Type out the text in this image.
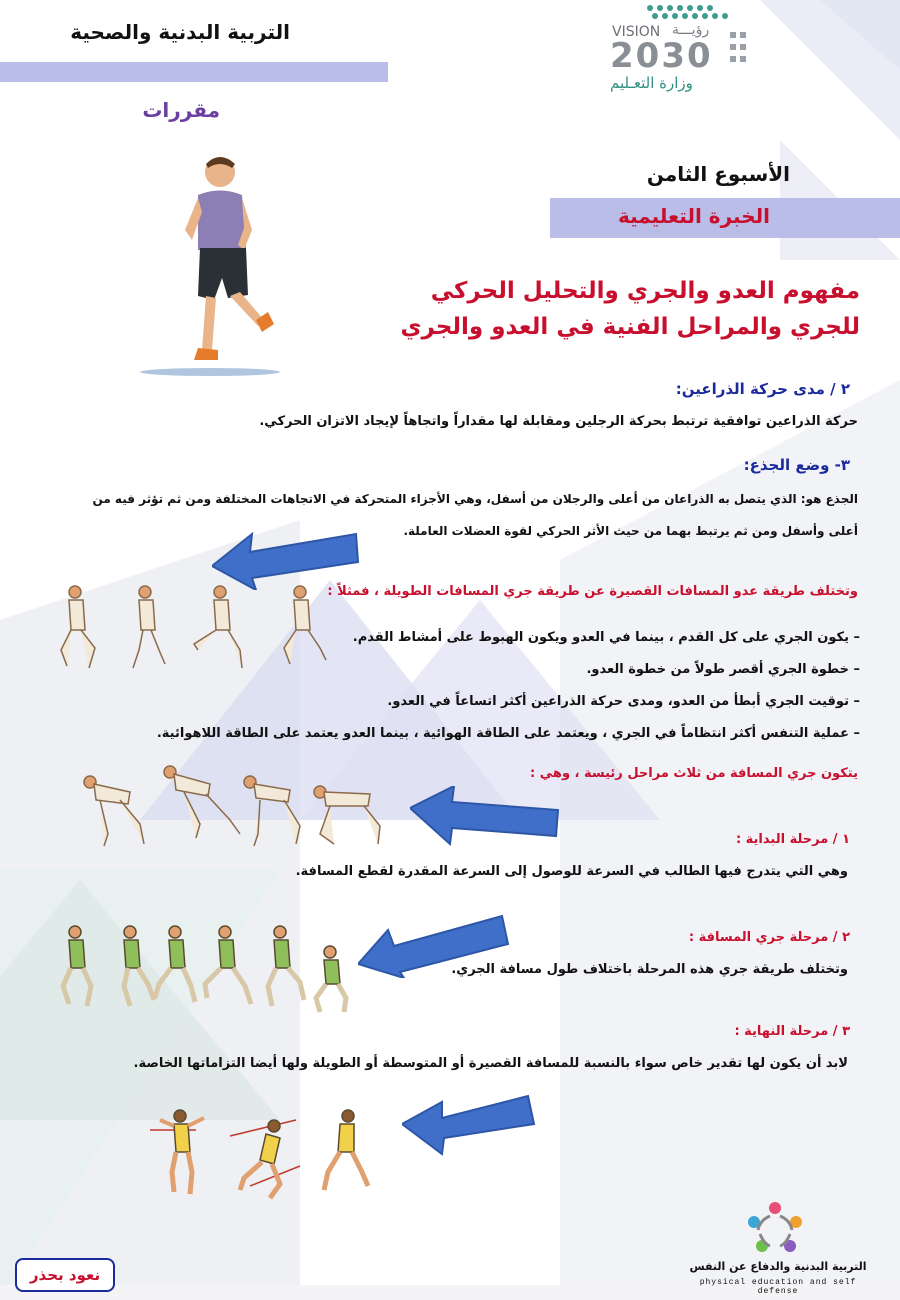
التربية البدنية والصحية
مقررات
VISION رؤيـــة
2030
وزارة التعـليم
الأسبوع الثامن
الخبرة التعليمية
مفهوم العدو والجري والتحليل الحركي
للجري والمراحل الفنية في العدو والجري
٢ / مدى حركة الذراعين:
حركة الذراعين توافقية ترتبط بحركة الرجلين ومقابلة لها مقداراً واتجاهاً لإيجاد الاتزان الحركي.
٣- وضع الجذع:
الجذع هو: الذي يتصل به الذراعان من أعلى والرجلان من أسفل، وهي الأجزاء المتحركة في الاتجاهات المختلفة ومن ثم تؤثر فيه من
أعلى وأسفل ومن ثم يرتبط بهما من حيث الأثر الحركي لقوة العضلات العاملة.
وتختلف طريقة عدو المسافات القصيرة عن طريقة جري المسافات الطويلة ، فمثلاً :
– يكون الجري على كل القدم ، بينما في العدو ويكون الهبوط على أمشاط القدم.
– خطوة الجري أقصر طولاً من خطوة العدو.
– توقيت الجري أبطأ من العدو، ومدى حركة الذراعين أكثر اتساعاً في العدو.
– عملية التنفس أكثر انتظاماً في الجري ، ويعتمد على الطاقة الهوائية ، بينما العدو يعتمد على الطاقة اللاهوائية.
يتكون جري المسافة من ثلاث مراحل رئيسة ، وهي :
١ / مرحلة البداية :
وهي التي يتدرج فيها الطالب في السرعة للوصول إلى السرعة المقدرة لقطع المسافة.
٢ / مرحلة جري المسافة :
وتختلف طريقة جري هذه المرحلة باختلاف طول مسافة الجري.
٣ / مرحلة النهاية :
لابد أن يكون لها تقدير خاص سواء بالنسبة للمسافة القصيرة أو المتوسطة أو الطويلة ولها أيضا التزاماتها الخاصة.
التربية البدنية والدفاع عن النفس
physical education and self defense
نعود بحذر
